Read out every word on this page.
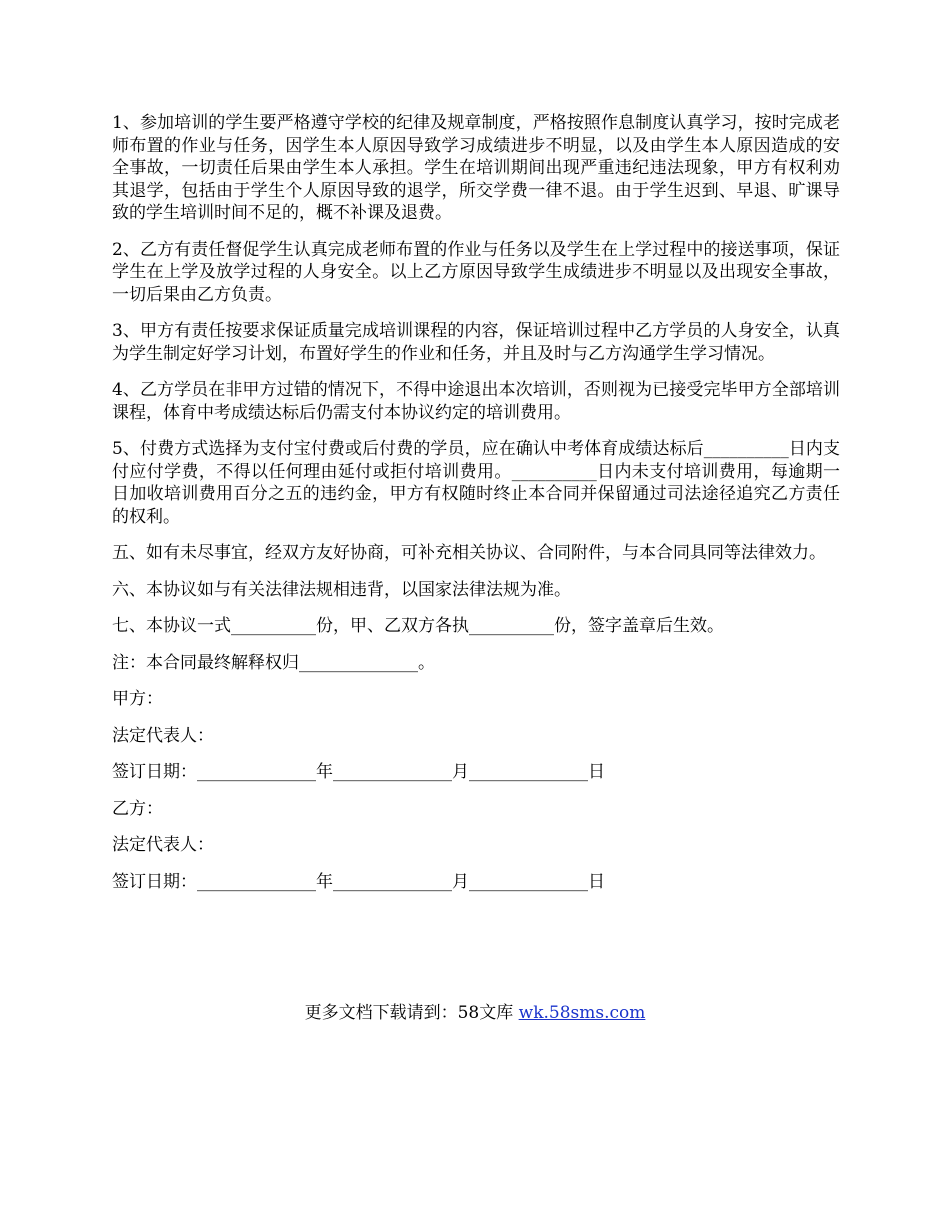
1、参加培训的学生要严格遵守学校的纪律及规章制度，严格按照作息制度认真学习，按时完成老师布置的作业与任务，因学生本人原因导致学习成绩进步不明显，以及由学生本人原因造成的安全事故，一切责任后果由学生本人承担。学生在培训期间出现严重违纪违法现象，甲方有权利劝其退学，包括由于学生个人原因导致的退学，所交学费一律不退。由于学生迟到、早退、旷课导致的学生培训时间不足的，概不补课及退费。

2、乙方有责任督促学生认真完成老师布置的作业与任务以及学生在上学过程中的接送事项，保证学生在上学及放学过程的人身安全。以上乙方原因导致学生成绩进步不明显以及出现安全事故，一切后果由乙方负责。

3、甲方有责任按要求保证质量完成培训课程的内容，保证培训过程中乙方学员的人身安全，认真为学生制定好学习计划，布置好学生的作业和任务，并且及时与乙方沟通学生学习情况。

4、乙方学员在非甲方过错的情况下，不得中途退出本次培训，否则视为已接受完毕甲方全部培训课程，体育中考成绩达标后仍需支付本协议约定的培训费用。

5、付费方式选择为支付宝付费或后付费的学员，应在确认中考体育成绩达标后__________日内支付应付学费，不得以任何理由延付或拒付培训费用。__________日内未支付培训费用，每逾期一日加收培训费用百分之五的违约金，甲方有权随时终止本合同并保留通过司法途径追究乙方责任的权利。

五、如有未尽事宜，经双方友好协商，可补充相关协议、合同附件，与本合同具同等法律效力。

六、本协议如与有关法律法规相违背，以国家法律法规为准。

七、本协议一式__________份，甲、乙双方各执__________份，签字盖章后生效。

注：本合同最终解释权归______________。

甲方：

法定代表人：

签订日期：______________年______________月______________日

乙方：

法定代表人：

签订日期：______________年______________月______________日

更多文档下载请到：58文库 wk.58sms.com
